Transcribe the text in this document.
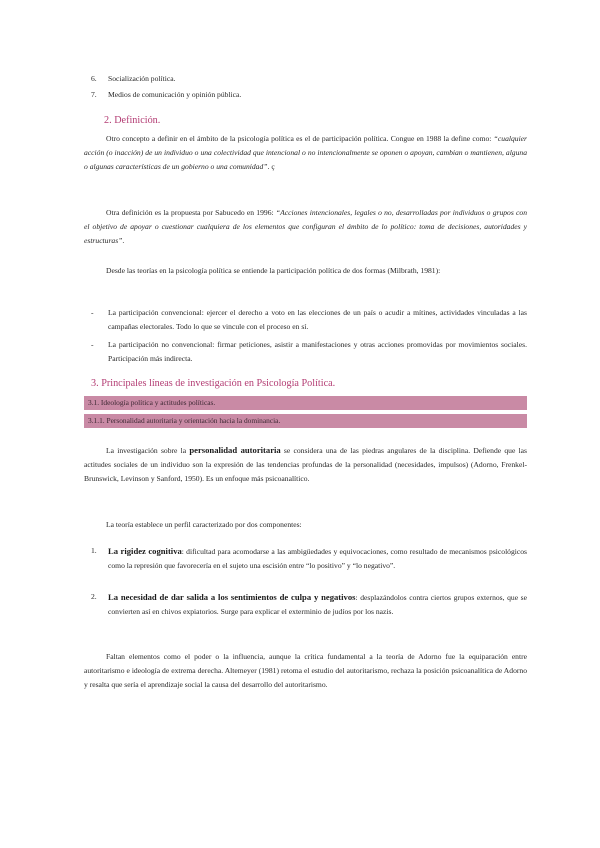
6. Socialización política.
7. Medios de comunicación y opinión pública.
2. Definición.
Otro concepto a definir en el ámbito de la psicología política es el de participación política. Congue en 1988 la define como: “cualquier acción (o inacción) de un individuo o una colectividad que intencional o no intencionalmente se oponen o apoyan, cambian o mantienen, alguna o algunas características de un gobierno o una comunidad”. ç
Otra definición es la propuesta por Sabucedo en 1996: “Acciones intencionales, legales o no, desarrolladas por individuos o grupos con el objetivo de apoyar o cuestionar cualquiera de los elementos que configuran el ámbito de lo político: toma de decisiones, autoridades y estructuras”.
Desde las teorías en la psicología política se entiende la participación política de dos formas (Milbrath, 1981):
- La participación convencional: ejercer el derecho a voto en las elecciones de un país o acudir a mítines, actividades vinculadas a las campañas electorales. Todo lo que se vincule con el proceso en sí.
- La participación no convencional: firmar peticiones, asistir a manifestaciones y otras acciones promovidas por movimientos sociales. Participación más indirecta.
3. Principales líneas de investigación en Psicología Política.
3.1. Ideología política y actitudes políticas.
3.1.1. Personalidad autoritaria y orientación hacia la dominancia.
La investigación sobre la personalidad autoritaria se considera una de las piedras angulares de la disciplina. Defiende que las actitudes sociales de un individuo son la expresión de las tendencias profundas de la personalidad (necesidades, impulsos) (Adorno, Frenkel-Brunswick, Levinson y Sanford, 1950). Es un enfoque más psicoanalítico.
La teoría establece un perfil caracterizado por dos componentes:
1. La rigidez cognitiva: dificultad para acomodarse a las ambigüedades y equivocaciones, como resultado de mecanismos psicológicos como la represión que favorecería en el sujeto una escisión entre “lo positivo” y “lo negativo”.
2. La necesidad de dar salida a los sentimientos de culpa y negativos: desplazándolos contra ciertos grupos externos, que se convierten así en chivos expiatorios. Surge para explicar el exterminio de judíos por los nazis.
Faltan elementos como el poder o la influencia, aunque la crítica fundamental a la teoría de Adorno fue la equiparación entre autoritarismo e ideología de extrema derecha. Altemeyer (1981) retoma el estudio del autoritarismo, rechaza la posición psicoanalítica de Adorno y resalta que sería el aprendizaje social la causa del desarrollo del autoritarismo.
